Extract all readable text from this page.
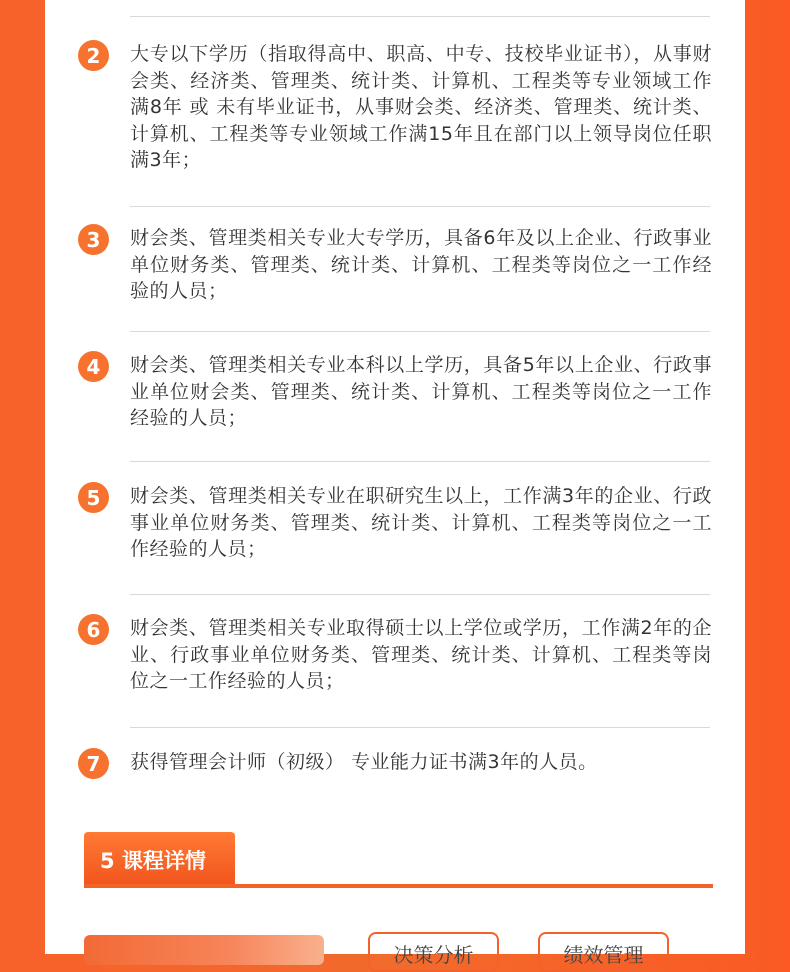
2	大专以下学历（指取得高中、职高、中专、技校毕业证书），从事财会类、经济类、管理类、统计类、计算机、工程类等专业领域工作满8年 或 未有毕业证书，从事财会类、经济类、管理类、统计类、计算机、工程类等专业领域工作满15年且在部门以上领导岗位任职满3年；

3	财会类、管理类相关专业大专学历，具备6年及以上企业、行政事业单位财务类、管理类、统计类、计算机、工程类等岗位之一工作经验的人员；

4	财会类、管理类相关专业本科以上学历，具备5年以上企业、行政事业单位财会类、管理类、统计类、计算机、工程类等岗位之一工作经验的人员；

5	财会类、管理类相关专业在职研究生以上，工作满3年的企业、行政事业单位财务类、管理类、统计类、计算机、工程类等岗位之一工作经验的人员；

6	财会类、管理类相关专业取得硕士以上学位或学历，工作满2年的企业、行政事业单位财务类、管理类、统计类、计算机、工程类等岗位之一工作经验的人员；

7	获得管理会计师（初级） 专业能力证书满3年的人员。

5 课程详情
决策分析	绩效管理
